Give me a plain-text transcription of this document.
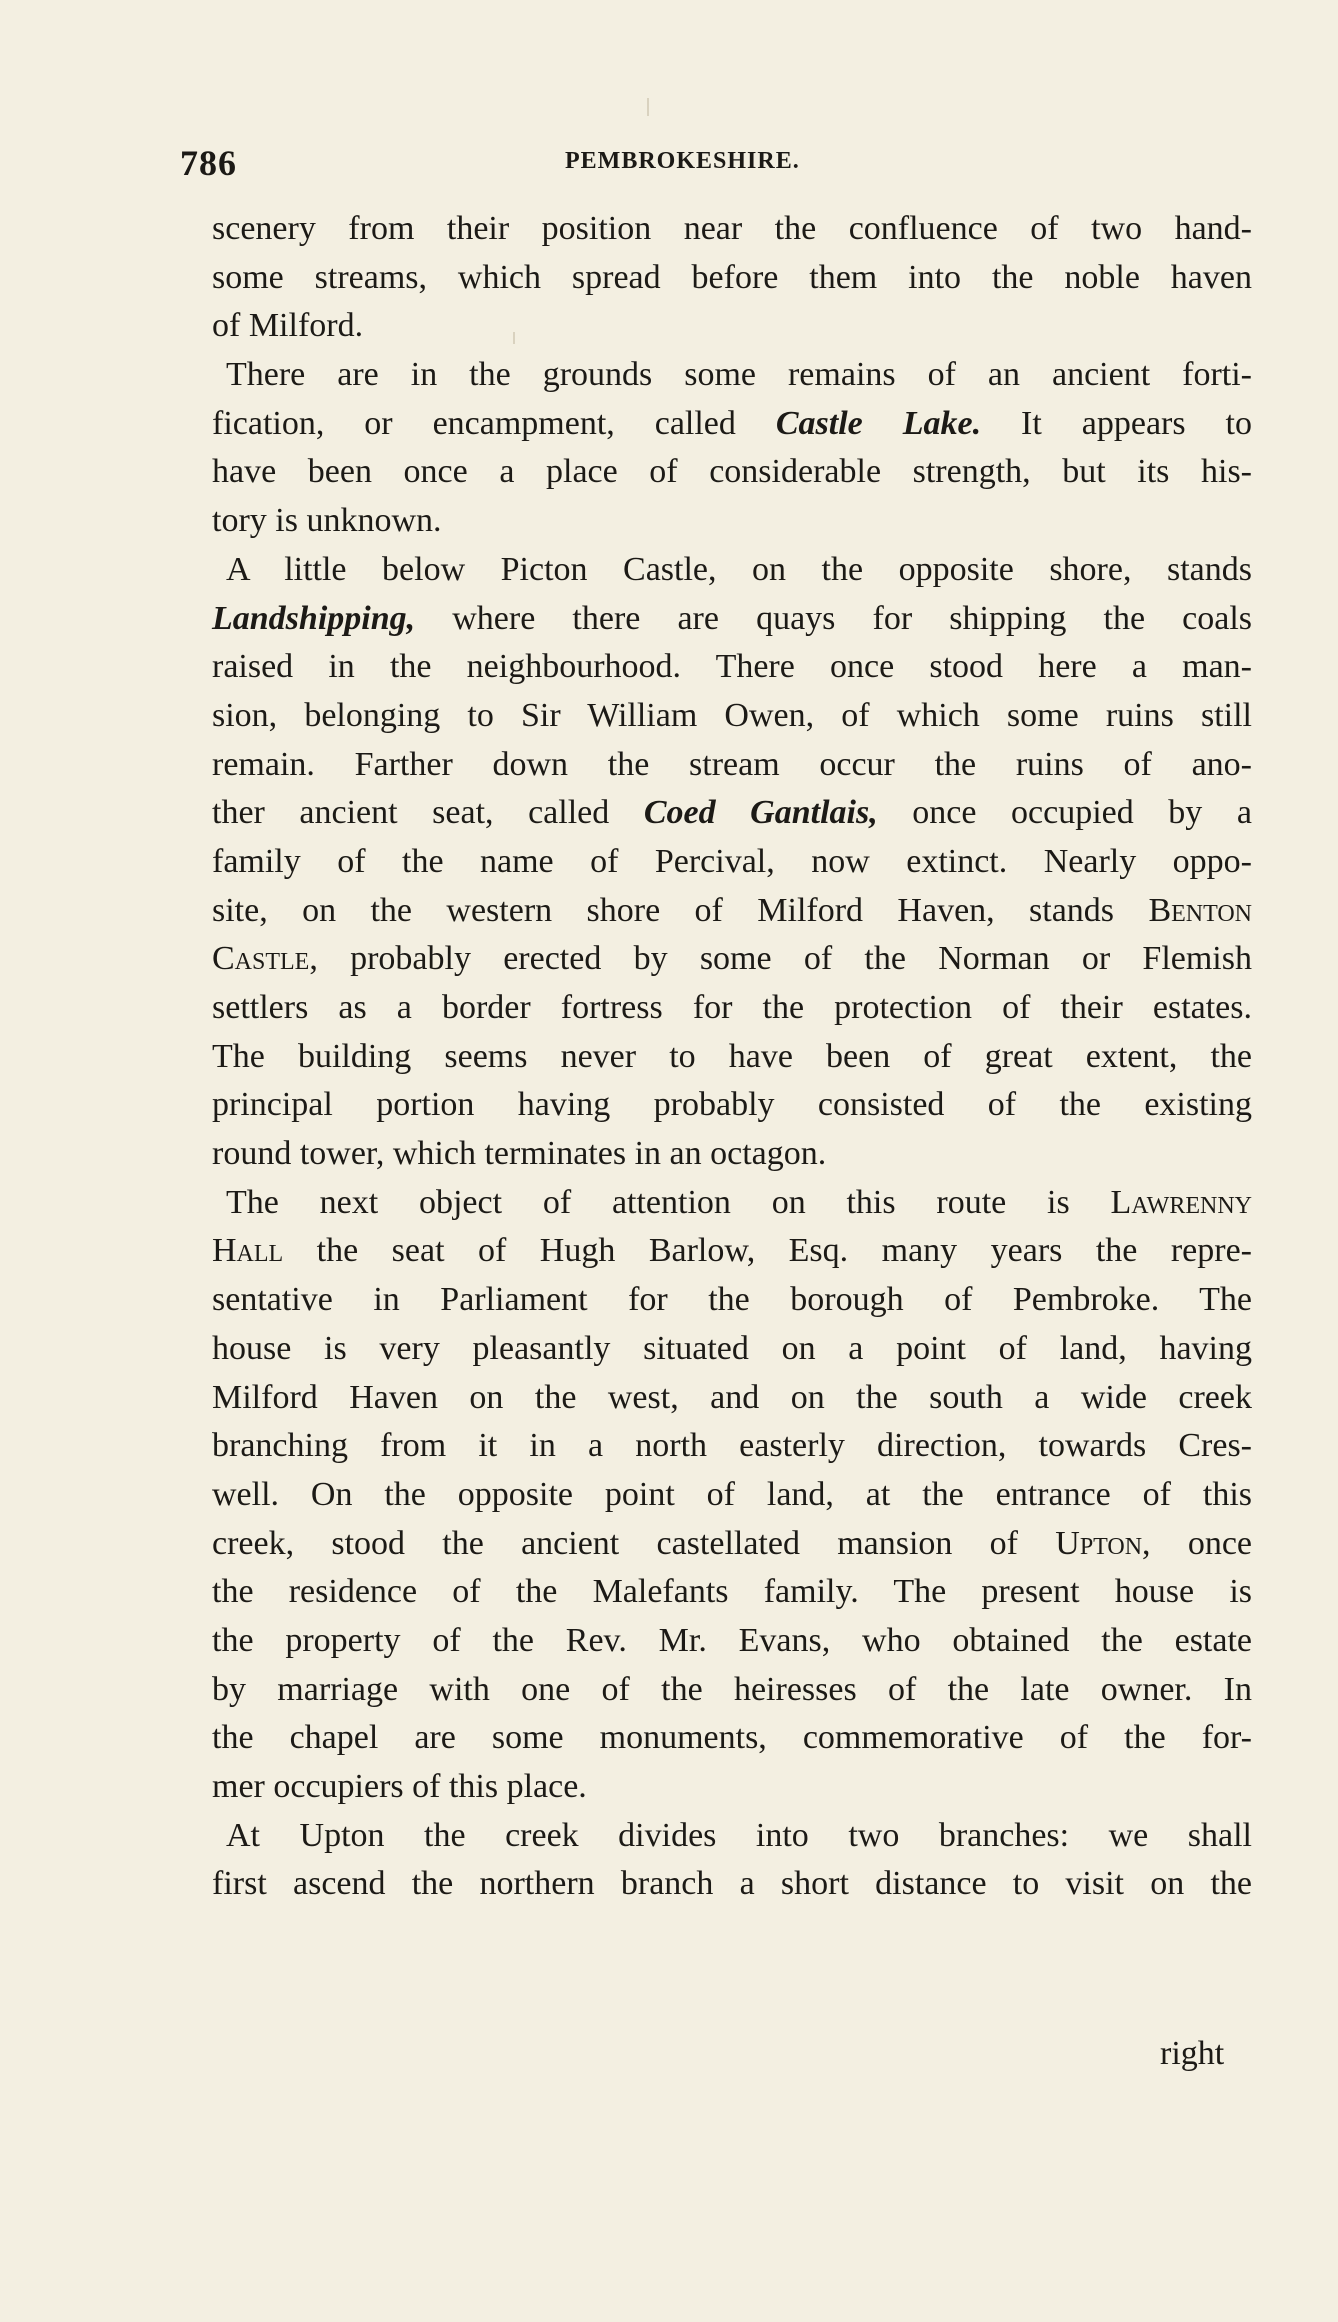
786	PEMBROKESHIRE.
scenery from their position near the confluence of two hand-
some streams, which spread before them into the noble haven
of Milford.
There are in the grounds some remains of an ancient forti-
fication, or encampment, called Castle Lake. It appears to
have been once a place of considerable strength, but its his-
tory is unknown.
A little below Picton Castle, on the opposite shore, stands
Landshipping, where there are quays for shipping the coals
raised in the neighbourhood. There once stood here a man-
sion, belonging to Sir William Owen, of which some ruins still
remain. Farther down the stream occur the ruins of ano-
ther ancient seat, called Coed Gantlais, once occupied by a
family of the name of Percival, now extinct. Nearly oppo-
site, on the western shore of Milford Haven, stands Benton
Castle, probably erected by some of the Norman or Flemish
settlers as a border fortress for the protection of their estates.
The building seems never to have been of great extent, the
principal portion having probably consisted of the existing
round tower, which terminates in an octagon.
The next object of attention on this route is Lawrenny
Hall the seat of Hugh Barlow, Esq. many years the repre-
sentative in Parliament for the borough of Pembroke. The
house is very pleasantly situated on a point of land, having
Milford Haven on the west, and on the south a wide creek
branching from it in a north easterly direction, towards Cres-
well. On the opposite point of land, at the entrance of this
creek, stood the ancient castellated mansion of Upton, once
the residence of the Malefants family. The present house is
the property of the Rev. Mr. Evans, who obtained the estate
by marriage with one of the heiresses of the late owner. In
the chapel are some monuments, commemorative of the for-
mer occupiers of this place.
At Upton the creek divides into two branches: we shall
first ascend the northern branch a short distance to visit on the
right
